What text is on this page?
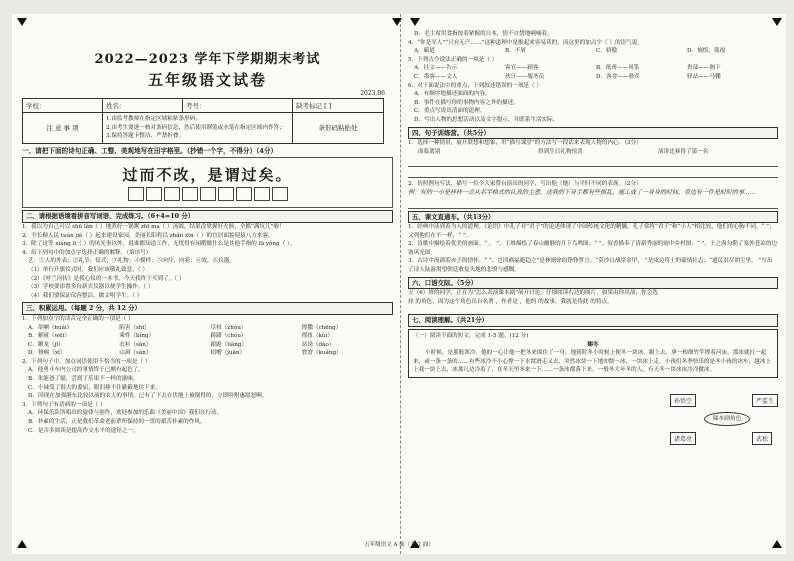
2022—2023 学年下学期期末考试
五年级语文试卷
2023.06
学校：	姓名：	考号：	缺考标记 [ ]
注 意 事 项	1.由监考教师在指定区域粘贴条形码；
2.由考生要逐一核对条码信息，然后使用钢笔或水笔在指定区域内作答；
3.保持答题卡整洁、严禁折叠。		条形码粘贴处
一、请把下面的诗句正确、工整、美观地写在田字格里。（抄错一个字，不得分）（4分）
过而不改，是谓过矣。
二、请根据语境看拼音写词语、完成练习。（6+4=10 分）
1．我以为自己可以 shū lǎn（ ）地煮好一锅粥 zhī ma（ ）汤圆，结果没掌握好火候，全都“满坑儿”啦！
2．全长顺人民 tuán jié（ ）起来建设家园，美丽长阳将以 zhǎn xīn（ ）的宜居面貌迎接八方来客。
3．除了这等 xiáng lì（ ）的风光事以外，说谁都知道工作，无忧得有闲暇做什么是其他手指的 fā yǒng（ ）。
4．给下列句中的加点字选择正确的解释。（填序号）
艺：①人的外表；②礼节；仪式；③礼物；④模样；⑤向往，向着；⑥效，⑥仪器。
（1）举行升旗仪式时，我们应该敬礼致意。（ ）
（2）《呼兰河传》是我心仪的一本书，今天我终于买到了。（ ）
（3）学校要添置多台新式仪器以便学生操作。（ ）
（4）我们要保证仪容整洁，做文明学生。（ ）
三、积累运用。（每题 2 分，共 12 分）
1．下列加点字的读音完全正确的一项是（ ）
A．蒂喇（huái）	陷害（shī）	尽权（zhǒu）	撑撒（chēng）
B．萦窥（wēi）	乘性（bǐng）	踌躇（chóu）	撑扭（kǔi）
C．瞅龙（jī）	衣衫（sān）	踉跄（liàng）	站岗（dǎo）
D．簪顿（xǐ）	山洞（sǎn）	捐赠（juān）	窘窘（kuǎng）
2．下列句子中，加点词语使用不恰当的一项是（ ）
A．他勇斗车内公司的事情终于已颇有起色了。
B．朱能爸了聪，尝到了乐果不一样的滋味。
C．小妹受了很大的委屈，眼泪排不住簌簌地往下来。
D．国现在加强浙东比较以前的农人的事情，已有了下去在伏地上被倒得的，立即吩咐惠愿怒啊。
3．下列句子有语病的一项是（ ）
A．环保乐队所唱出的旋律与创作，欢迎参加的乐曲《美丽中国》我们在行动。
B．朴素的生活，正是我们革命老前辈所保持的一贯的艰苦朴素的作风。
C．是否多阅读是提高作文水平的途径之一。
D．毛主席用食指按着紧握的日本，情不自禁地喃喃着。
4．“你是军人”“只有无产……”这种道理中是维起来容易读的，而这里的加点字（ ）的语气说。
A．霸道	B．不屑	C．骄傲	D．恼恨，蔑视
5．下列古今说法正确的一项是（ ）
A．挂文——告示	客官——顾客	B．纸鸢——风筝	贵部——阁下
C．墨客——文人	伙计——服务员	D．客舍——驿宾	驿站——马棚
6．对下面说法中的重点，下列叙述错误的一项是（ ）
A．有顺序地描述面面的内容。
B．事件在描写你的事物内容之外的描述。
C．重点写说出清面的道理。
D．写出人物的思想活动以及文字提示，并联系生活实际。
四、句子训练营。（共5分）
1．选择一种情景，展开联想和想象，用“描写课堂”的方法写一段话来表现人物的内心。（3分）
面临离别	得到生日礼物惊喜	演讲比赛得了第一名
2．仿照例句写法，描写一位令大家赞台演出的同学，写出他（她）与平时不同的表现。（2分）
例：有的一小是样样一点从名字格式的认真的主意，送我的下身手都有些烦乱，施工成了一身身的时间，旁边有一件是时时的事……
五、课文直通车。（共13分）
1．经典中读到着为人的道理。《论语》中孔子对“君子”的论述体现了中国传统文化的精髓。孔子常将“君子”和“小人”相比较，他们的心胸不同，“ ”；又列他们在不一样，“ ”。
2．诗歌中描绘着优美的画面。“ ， ”。王维描绘了春山幽静的月下鸟鸣图；“ ”。叙香描奉了清新秀丽的雨中乡村图；“ ”。王之涣勾勒了塞外苍凉的边塞风光图。
3．古诗中流淌着赤子的情怀。“ ”。岂因祸福避趋之”是林则徐的铮铮誓言；“莫沙白战穿金甲， ”是戍边将士的豪情壮志；“遗民泪尽胡尘里， ”写出了诗人陆游渴望朝廷收复失地的悲愤与感慨。
六、口语交际。（5分）
五（6）班的同学，正在为“怎么表演课本剧”展开讨论，仔细阅读右边的图片，如果由你出演，你会选择 的角色，因为这个角色出自名著 ，作者是 ，他的 的故事，我就是将此 的特点。
孙悟空	严监生
课本剧角色
诸葛亮	武松
七、阅读理解。（共21分）
（一）阅读下面的短文，完成 1-5 题。(12 分)
赐冬
小时候，是那般寒冷，他的一心让他一把冬来围住了一身，地到时冬小时候上便冬一块冰、踢上去，拿一根细竹竿撑着河床，那冰就打一起来，或一条一条的……有些冰冷不小心撑一下水窝滑走又去，突然冰块一下地冲散一冰、一块冰上走。小孩们冬季快乐的是冬小孩的冰车，越冰上上我一块上去，冰那几边冷着了，在冬天里冬来一下……一条冰都落下来，一般冬大年冬的人。有天冬一块冰冰冷冷做冰。
五年级语文 A 面（共 2 面）
